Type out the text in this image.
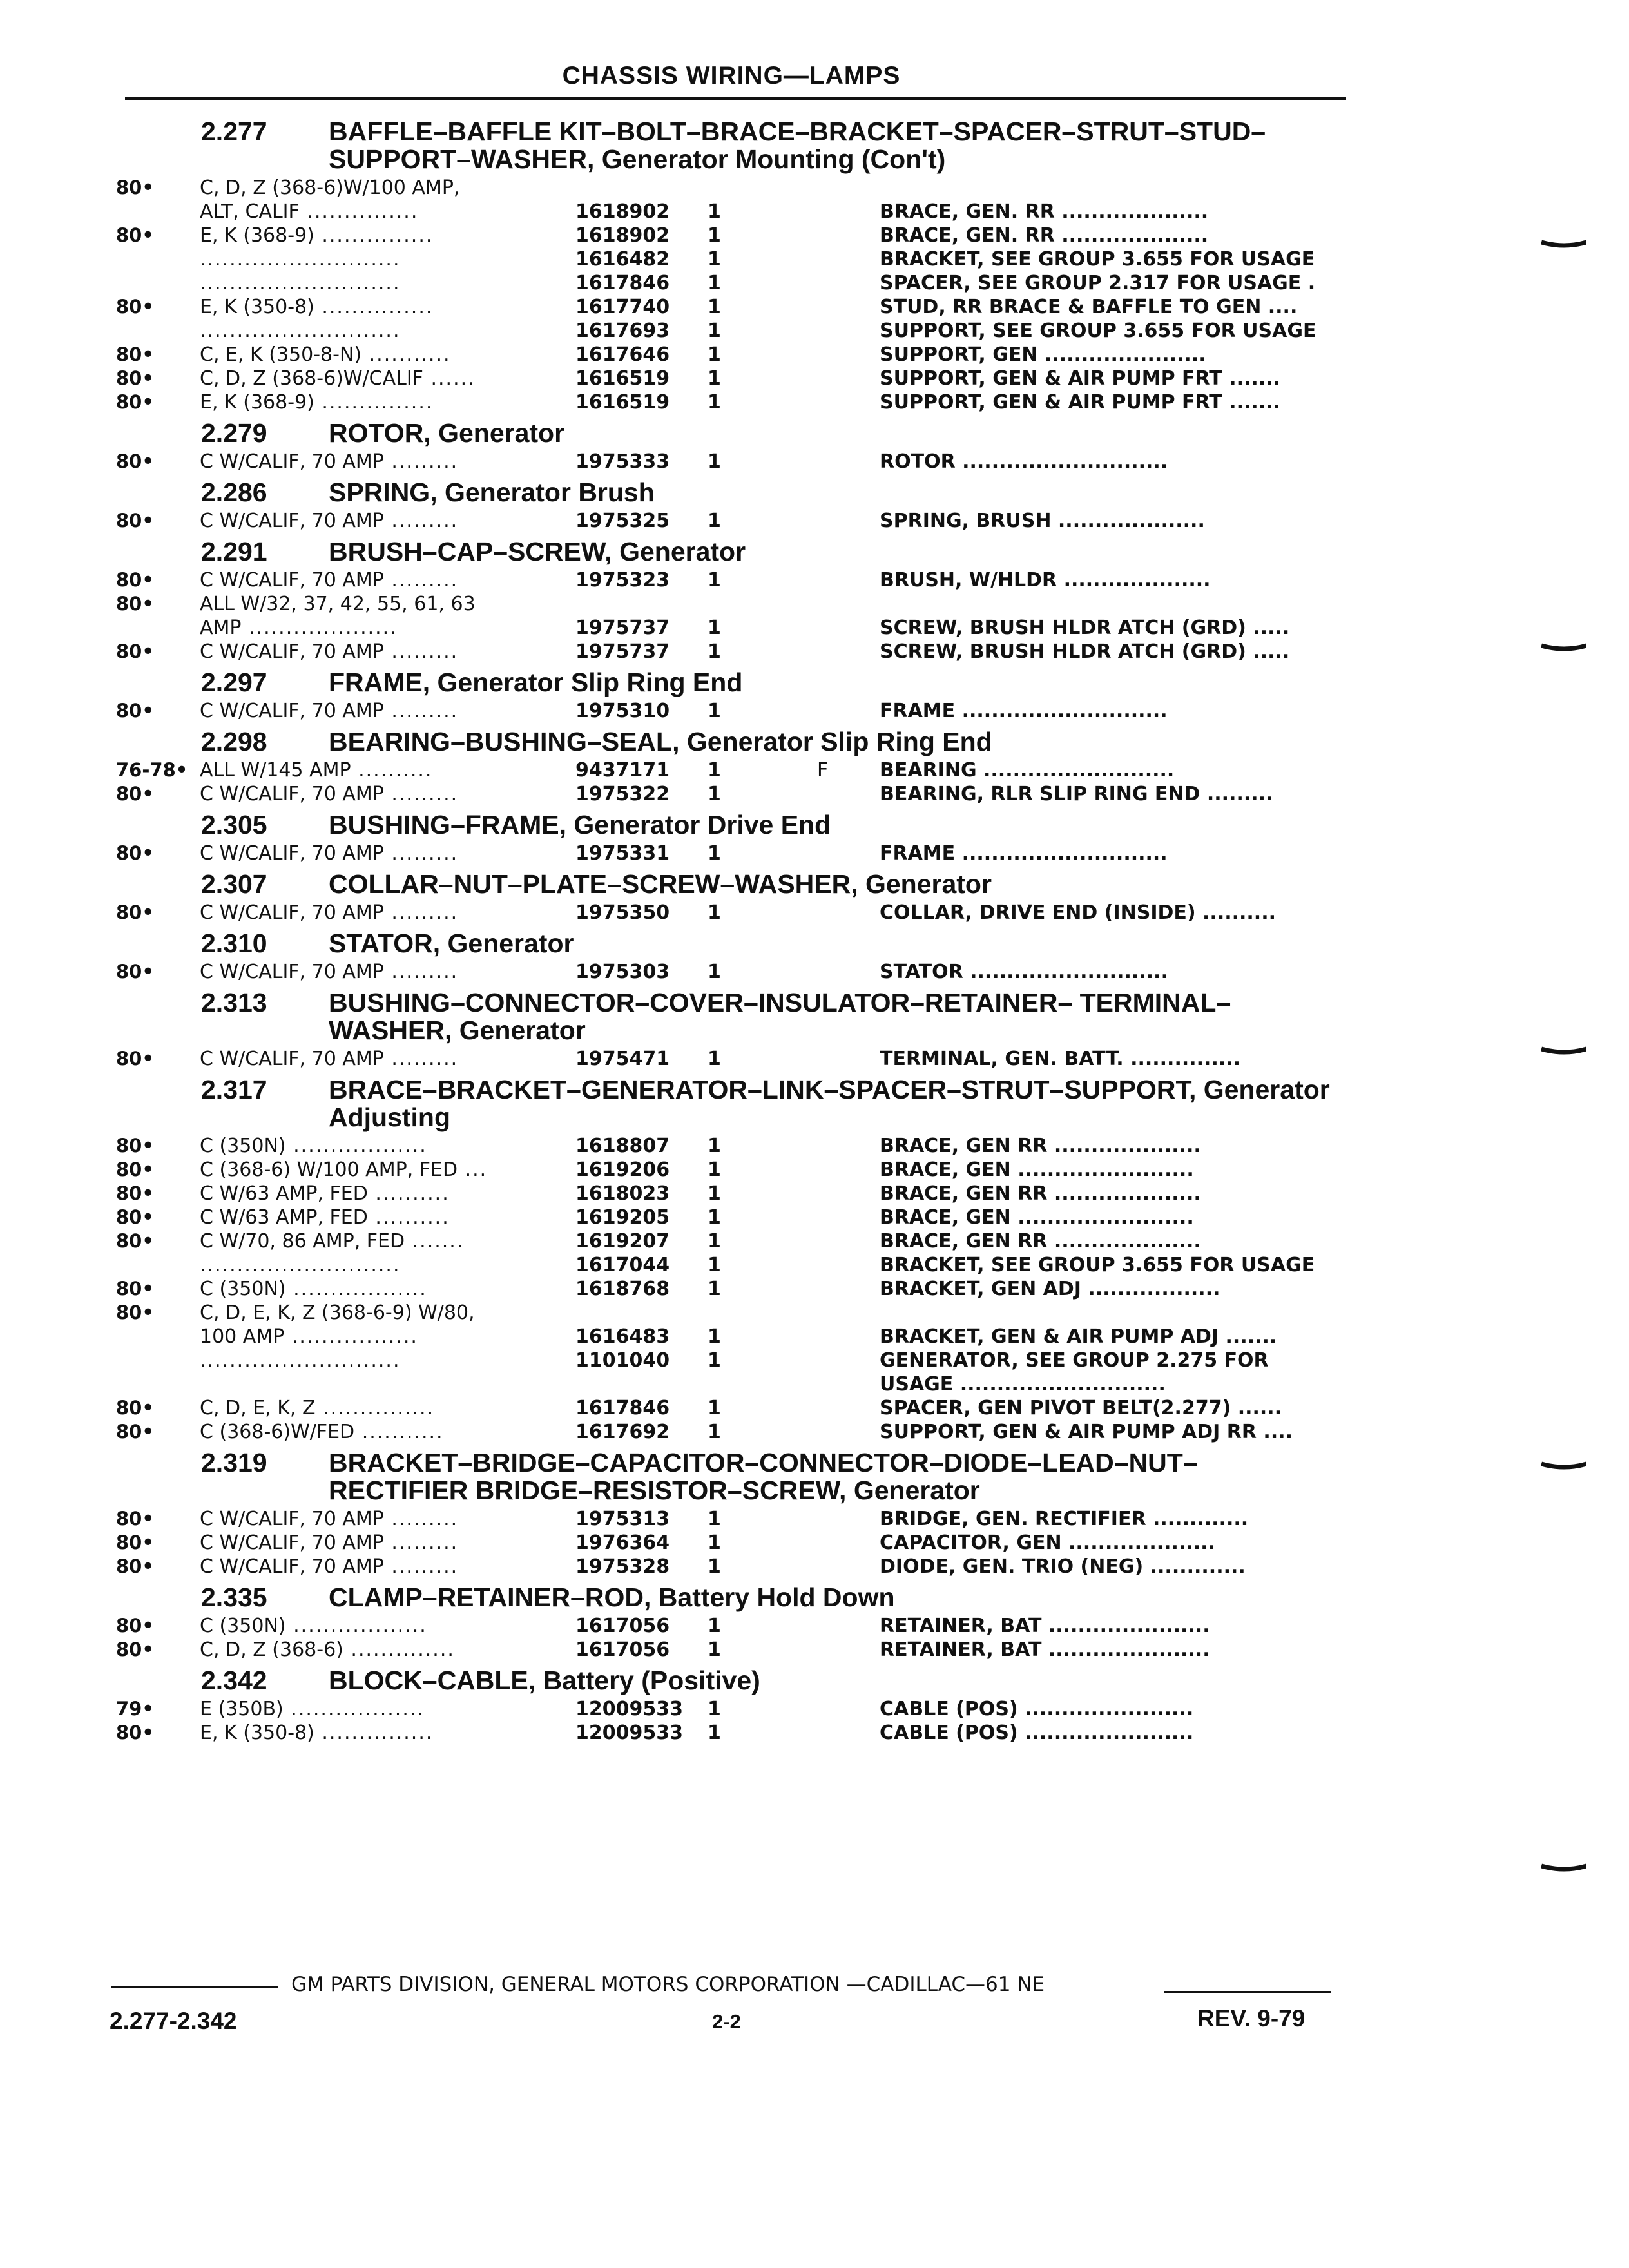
CHASSIS WIRING—LAMPS
2.277 BAFFLE–BAFFLE KIT–BOLT–BRACE–BRACKET–SPACER–STRUT–STUD– SUPPORT–WASHER, Generator Mounting (Con't)
80• C, D, Z (368-6)W/100 AMP,
ALT, CALIF ...............	1618902 1	BRACE, GEN. RR ....................
80• E, K (368-9) ...............	1618902 1	BRACE, GEN. RR ....................
...........................	1616482 1	BRACKET, SEE GROUP 3.655 FOR USAGE
...........................	1617846 1	SPACER, SEE GROUP 2.317 FOR USAGE .
80• E, K (350-8) ...............	1617740 1	STUD, RR BRACE & BAFFLE TO GEN ....
...........................	1617693 1	SUPPORT, SEE GROUP 3.655 FOR USAGE
80• C, E, K (350-8-N) ...........	1617646 1	SUPPORT, GEN ......................
80• C, D, Z (368-6)W/CALIF ......	1616519 1	SUPPORT, GEN & AIR PUMP FRT .......
80• E, K (368-9) ...............	1616519 1	SUPPORT, GEN & AIR PUMP FRT .......
2.279 ROTOR, Generator
80• C W/CALIF, 70 AMP .........	1975333 1	ROTOR ............................
2.286 SPRING, Generator Brush
80• C W/CALIF, 70 AMP .........	1975325 1	SPRING, BRUSH ....................
2.291 BRUSH–CAP–SCREW, Generator
80• C W/CALIF, 70 AMP .........	1975323 1	BRUSH, W/HLDR ....................
80• ALL W/32, 37, 42, 55, 61, 63
AMP ....................	1975737 1	SCREW, BRUSH HLDR ATCH (GRD) .....
80• C W/CALIF, 70 AMP .........	1975737 1	SCREW, BRUSH HLDR ATCH (GRD) .....
2.297 FRAME, Generator Slip Ring End
80• C W/CALIF, 70 AMP .........	1975310 1	FRAME ............................
2.298 BEARING–BUSHING–SEAL, Generator Slip Ring End
76-78• ALL W/145 AMP ..........	9437171 1	F	BEARING ..........................
80• C W/CALIF, 70 AMP .........	1975322 1	BEARING, RLR SLIP RING END .........
2.305 BUSHING–FRAME, Generator Drive End
80• C W/CALIF, 70 AMP .........	1975331 1	FRAME ............................
2.307 COLLAR–NUT–PLATE–SCREW–WASHER, Generator
80• C W/CALIF, 70 AMP .........	1975350 1	COLLAR, DRIVE END (INSIDE) ..........
2.310 STATOR, Generator
80• C W/CALIF, 70 AMP .........	1975303 1	STATOR ...........................
2.313 BUSHING–CONNECTOR–COVER–INSULATOR–RETAINER– TERMINAL–WASHER, Generator
80• C W/CALIF, 70 AMP .........	1975471 1	TERMINAL, GEN. BATT. ...............
2.317 BRACE–BRACKET–GENERATOR–LINK–SPACER–STRUT–SUPPORT, Generator Adjusting
80• C (350N) ..................	1618807 1	BRACE, GEN RR ....................
80• C (368-6) W/100 AMP, FED ...	1619206 1	BRACE, GEN ........................
80• C W/63 AMP, FED ..........	1618023 1	BRACE, GEN RR ....................
80• C W/63 AMP, FED ..........	1619205 1	BRACE, GEN ........................
80• C W/70, 86 AMP, FED .......	1619207 1	BRACE, GEN RR ....................
...........................	1617044 1	BRACKET, SEE GROUP 3.655 FOR USAGE
80• C (350N) ..................	1618768 1	BRACKET, GEN ADJ ..................
80• C, D, E, K, Z (368-6-9) W/80,
100 AMP .................	1616483 1	BRACKET, GEN & AIR PUMP ADJ .......
...........................	1101040 1	GENERATOR, SEE GROUP 2.275 FOR
USAGE ............................
80• C, D, E, K, Z ...............	1617846 1	SPACER, GEN PIVOT BELT(2.277) ......
80• C (368-6)W/FED ...........	1617692 1	SUPPORT, GEN & AIR PUMP ADJ RR ....
2.319 BRACKET–BRIDGE–CAPACITOR–CONNECTOR–DIODE–LEAD–NUT– RECTIFIER BRIDGE–RESISTOR–SCREW, Generator
80• C W/CALIF, 70 AMP .........	1975313 1	BRIDGE, GEN. RECTIFIER .............
80• C W/CALIF, 70 AMP .........	1976364 1	CAPACITOR, GEN ....................
80• C W/CALIF, 70 AMP .........	1975328 1	DIODE, GEN. TRIO (NEG) .............
2.335 CLAMP–RETAINER–ROD, Battery Hold Down
80• C (350N) ..................	1617056 1	RETAINER, BAT ......................
80• C, D, Z (368-6) ..............	1617056 1	RETAINER, BAT ......................
2.342 BLOCK–CABLE, Battery (Positive)
79• E (350B) ..................	12009533 1	CABLE (POS) .......................
80• E, K (350-8) ...............	12009533 1	CABLE (POS) .......................
GM PARTS DIVISION, GENERAL MOTORS CORPORATION —CADILLAC—61 NE
2.277-2.342	2-2	REV. 9-79
